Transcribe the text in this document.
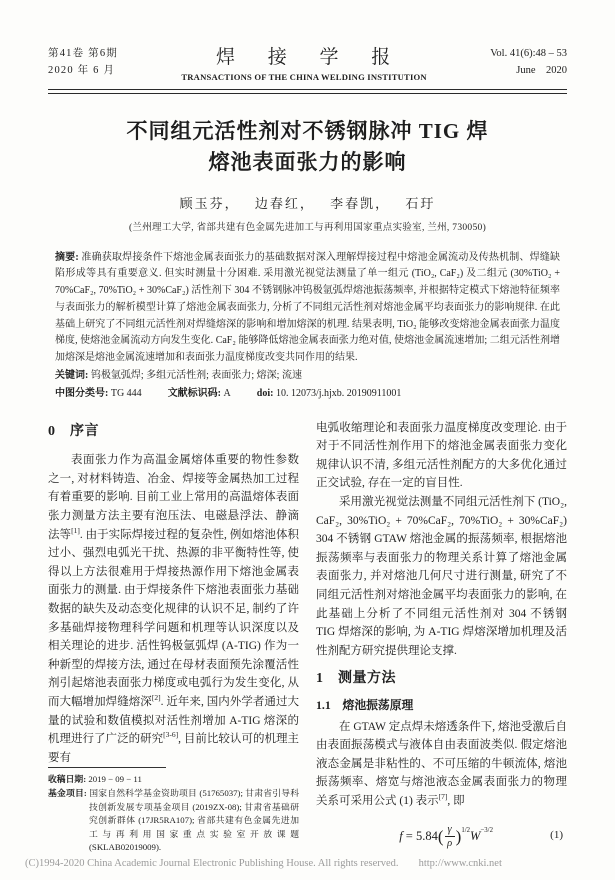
第41卷 第6期
2020 年 6 月
焊 接 学 报
TRANSACTIONS OF THE CHINA WELDING INSTITUTION
Vol. 41(6):48 – 53
June　2020
不同组元活性剂对不锈钢脉冲 TIG 焊
熔池表面张力的影响
顾玉芬， 边春红， 李春凯， 石玗
(兰州理工大学, 省部共建有色金属先进加工与再利用国家重点实验室, 兰州, 730050)
摘要: 准确获取焊接条件下熔池金属表面张力的基础数据对深入理解焊接过程中熔池金属流动及传热机制、焊缝缺陷形成等具有重要意义. 但实时测量十分困难. 采用激光视觉法测量了单一组元 (TiO₂, CaF₂) 及二组元 (30%TiO₂ + 70%CaF₂, 70%TiO₂ + 30%CaF₂) 活性剂下 304 不锈钢脉冲钨极氩弧焊熔池振荡频率, 并根据特定模式下熔池特征频率与表面张力的解析模型计算了熔池金属表面张力, 分析了不同组元活性剂对熔池金属平均表面张力的影响规律. 在此基础上研究了不同组元活性剂对焊缝熔深的影响和增加熔深的机理. 结果表明, TiO₂ 能够改变熔池金属表面张力温度梯度, 使熔池金属流动方向发生变化. CaF₂ 能够降低熔池金属表面张力绝对值, 使熔池金属流速增加; 二组元活性剂增加熔深是熔池金属流速增加和表面张力温度梯度改变共同作用的结果.
关键词: 钨极氩弧焊; 多组元活性剂; 表面张力; 熔深; 流速
中图分类号: TG 444	文献标识码: A	doi: 10. 12073/j.hjxb. 20190911001
0　序言

表面张力作为高温金属熔体重要的物性参数之一, 对材料铸造、冶金、焊接等金属热加工过程有着重要的影响. 目前工业上常用的高温熔体表面张力测量方法主要有泡压法、电磁悬浮法、静滴法等[1]. 由于实际焊接过程的复杂性, 例如熔池体积过小、强烈电弧光干扰、热源的非平衡特性等, 使得以上方法很难用于焊接热源作用下熔池金属表面张力的测量. 由于焊接条件下熔池表面张力基础数据的缺失及动态变化规律的认识不足, 制约了许多基础焊接物理科学问题和机理等认识深度以及相关理论的进步. 活性钨极氩弧焊 (A-TIG) 作为一种新型的焊接方法, 通过在母材表面预先涂覆活性剂引起熔池表面张力梯度或电弧行为发生变化, 从而大幅增加焊缝熔深[2]. 近年来, 国内外学者通过大量的试验和数值模拟对活性剂增加 A-TIG 熔深的机理进行了广泛的研究[3-6], 目前比较认可的机理主要有

收稿日期: 2019 − 09 − 11
基金项目: 国家自然科学基金资助项目 (51765037); 甘肃省引导科技创新发展专项基金项目 (2019ZX-08); 甘肃省基础研究创新群体 (17JR5RA107); 省部共建有色金属先进加工与再利用国家重点实验室开放课题 (SKLAB02019009).

电弧收缩理论和表面张力温度梯度改变理论. 由于对于不同活性剂作用下的熔池金属表面张力变化规律认识不清, 多组元活性剂配方的大多优化通过正交试验, 存在一定的盲目性.

采用激光视觉法测量不同组元活性剂下 (TiO₂, CaF₂, 30%TiO₂ + 70%CaF₂, 70%TiO₂ + 30%CaF₂) 304 不锈钢 GTAW 熔池金属的振荡频率, 根据熔池振荡频率与表面张力的物理关系计算了熔池金属表面张力, 并对熔池几何尺寸进行测量, 研究了不同组元活性剂对熔池金属平均表面张力的影响, 在此基础上分析了不同组元活性剂对 304 不锈钢 TIG 焊熔深的影响, 为 A-TIG 焊熔深增加机理及活性剂配方研究提供理论支撑.

1　测量方法
1.1　熔池振荡原理

在 GTAW 定点焊未熔透条件下, 熔池受激后自由表面振荡模式与液体自由表面波类似. 假定熔池液态金属是非粘性的、不可压缩的牛顿流体, 熔池振荡频率、熔宽与熔池液态金属表面张力的物理关系可采用公式 (1) 表示[7], 即

$f = 5.84( \frac{\gamma}{\rho} )^{1/2}W^{-3/2}$	(1)
(C)1994-2020 China Academic Journal Electronic Publishing House. All rights reserved. http://www.cnki.net
